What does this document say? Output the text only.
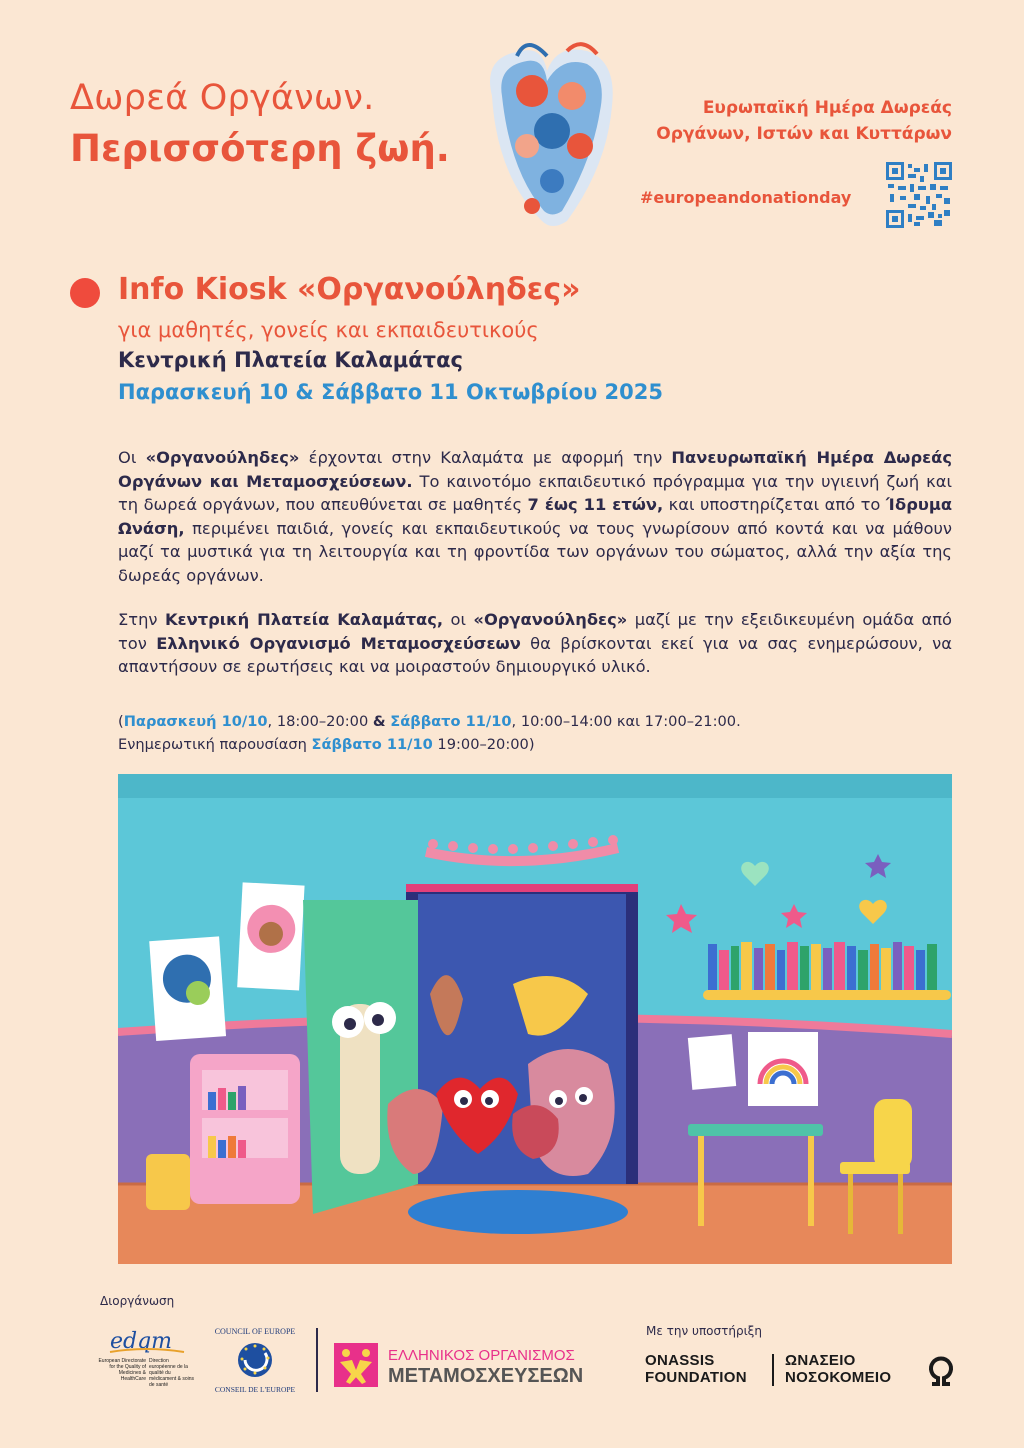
Δωρεά Οργάνων.
Περισσότερη ζωή.
Ευρωπαϊκή Ημέρα Δωρεάς
Οργάνων, Ιστών και Κυττάρων
#europeandonationday
Info Kiosk «Οργανούληδες»
για μαθητές, γονείς και εκπαιδευτικούς
Κεντρική Πλατεία Καλαμάτας
Παρασκευή 10 & Σάββατο 11 Οκτωβρίου 2025
Οι «Οργανούληδες» έρχονται στην Καλαμάτα με αφορμή την Πανευρωπαϊκή Ημέρα Δωρεάς Οργάνων και Μεταμοσχεύσεων. Το καινοτόμο εκπαιδευτικό πρόγραμμα για την υγιεινή ζωή και τη δωρεά οργάνων, που απευθύνεται σε μαθητές 7 έως 11 ετών, και υποστηρίζεται από το Ίδρυμα Ωνάση, περιμένει παιδιά, γονείς και εκπαιδευτικούς να τους γνωρίσουν από κοντά και να μάθουν μαζί τα μυστικά για τη λειτουργία και τη φροντίδα των οργάνων του σώματος, αλλά την αξία της δωρεάς οργάνων.
Στην Κεντρική Πλατεία Καλαμάτας, οι «Οργανούληδες» μαζί με την εξειδικευμένη ομάδα από τον Ελληνικό Οργανισμό Μεταμοσχεύσεων θα βρίσκονται εκεί για να σας ενημερώσουν, να απαντήσουν σε ερωτήσεις και να μοιραστούν δημιουργικό υλικό.
(Παρασκευή 10/10, 18:00–20:00 & Σάββατο 11/10, 10:00–14:00 και 17:00–21:00.
Ενημερωτική παρουσίαση Σάββατο 11/10 19:00–20:00)
Διοργάνωση
edqm
European Directorate for the Quality of Medicines & HealthCare
Direction européenne de la qualité du médicament & soins de santé
COUNCIL OF EUROPE
CONSEIL DE L'EUROPE
ΕΛΛΗΝΙΚΟΣ ΟΡΓΑΝΙΣΜΟΣ
ΜΕΤΑΜΟΣΧΕΥΣΕΩΝ
Με την υποστήριξη
ONASSIS
FOUNDATION
ΩΝΑΣΕΙΟ
ΝΟΣΟΚΟΜΕΙΟ
